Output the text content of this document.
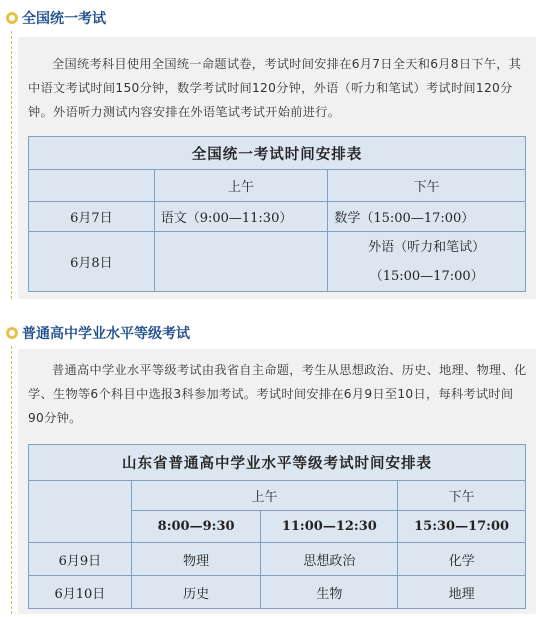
全国统一考试
全国统考科目使用全国统一命题试卷，考试时间安排在6月7日全天和6月8日下午，其中语文考试时间150分钟，数学考试时间120分钟，外语（听力和笔试）考试时间120分钟。外语听力测试内容安排在外语笔试考试开始前进行。
全国统一考试时间安排表		
	上午	下午
6月7日	语文（9:00—11:30）	数学（15:00—17:00）
6月8日		外语（听力和笔试）
（15:00—17:00）
普通高中学业水平等级考试
普通高中学业水平等级考试由我省自主命题，考生从思想政治、历史、地理、物理、化学、生物等6个科目中选报3科参加考试。考试时间安排在6月9日至10日，每科考试时间90分钟。
山东省普通高中学业水平等级考试时间安排表			
	上午		下午
	8:00—9:30	11:00—12:30	15:30—17:00
6月9日	物理	思想政治	化学
6月10日	历史	生物	地理
